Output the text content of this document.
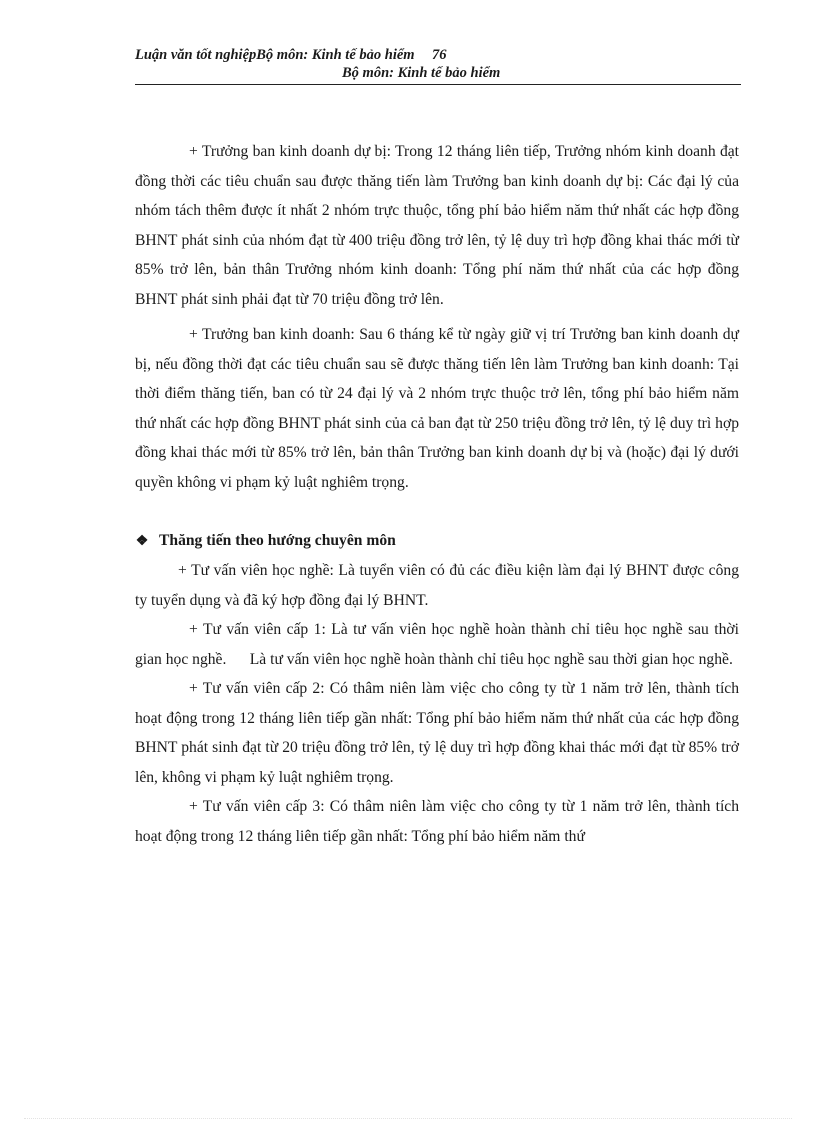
Luận văn tốt nghiệpBộ môn: Kinh tế bảo hiểm 76
Bộ môn: Kinh tế bảo hiểm

+ Trưởng ban kinh doanh dự bị: Trong 12 tháng liên tiếp, Trưởng nhóm kinh doanh đạt đồng thời các tiêu chuẩn sau được thăng tiến làm Trưởng ban kinh doanh dự bị: Các đại lý của nhóm tách thêm được ít nhất 2 nhóm trực thuộc, tổng phí bảo hiểm năm thứ nhất các hợp đồng BHNT phát sinh của nhóm đạt từ 400 triệu đồng trở lên, tỷ lệ duy trì hợp đồng khai thác mới từ 85% trở lên, bản thân Trưởng nhóm kinh doanh: Tổng phí năm thứ nhất của các hợp đồng BHNT phát sinh phải đạt từ 70 triệu đồng trở lên.

+ Trưởng ban kinh doanh: Sau 6 tháng kể từ ngày giữ vị trí Trưởng ban kinh doanh dự bị, nếu đồng thời đạt các tiêu chuẩn sau sẽ được thăng tiến lên làm Trưởng ban kinh doanh: Tại thời điểm thăng tiến, ban có từ 24 đại lý và 2 nhóm trực thuộc trở lên, tổng phí bảo hiểm năm thứ nhất các hợp đồng BHNT phát sinh của cả ban đạt từ 250 triệu đồng trở lên, tỷ lệ duy trì hợp đồng khai thác mới từ 85% trở lên, bản thân Trưởng ban kinh doanh dự bị và (hoặc) đại lý dưới quyền không vi phạm kỷ luật nghiêm trọng.

❖ Thăng tiến theo hướng chuyên môn

+ Tư vấn viên học nghề: Là tuyển viên có đủ các điều kiện làm đại lý BHNT được công ty tuyển dụng và đã ký hợp đồng đại lý BHNT.

+ Tư vấn viên cấp 1: Là tư vấn viên học nghề hoàn thành chỉ tiêu học nghề sau thời gian học nghề.      Là tư vấn viên học nghề hoàn thành chỉ tiêu học nghề sau thời gian học nghề.

+ Tư vấn viên cấp 2: Có thâm niên làm việc cho công ty từ 1 năm trở lên, thành tích hoạt động trong 12 tháng liên tiếp gần nhất: Tổng phí bảo hiểm năm thứ nhất của các hợp đồng BHNT phát sinh đạt từ 20 triệu đồng trở lên, tỷ lệ duy trì hợp đồng khai thác mới đạt từ 85% trở lên, không vi phạm kỷ luật nghiêm trọng.

+ Tư vấn viên cấp 3: Có thâm niên làm việc cho công ty từ 1 năm trở lên, thành tích hoạt động trong 12 tháng liên tiếp gần nhất: Tổng phí bảo hiểm năm thứ
